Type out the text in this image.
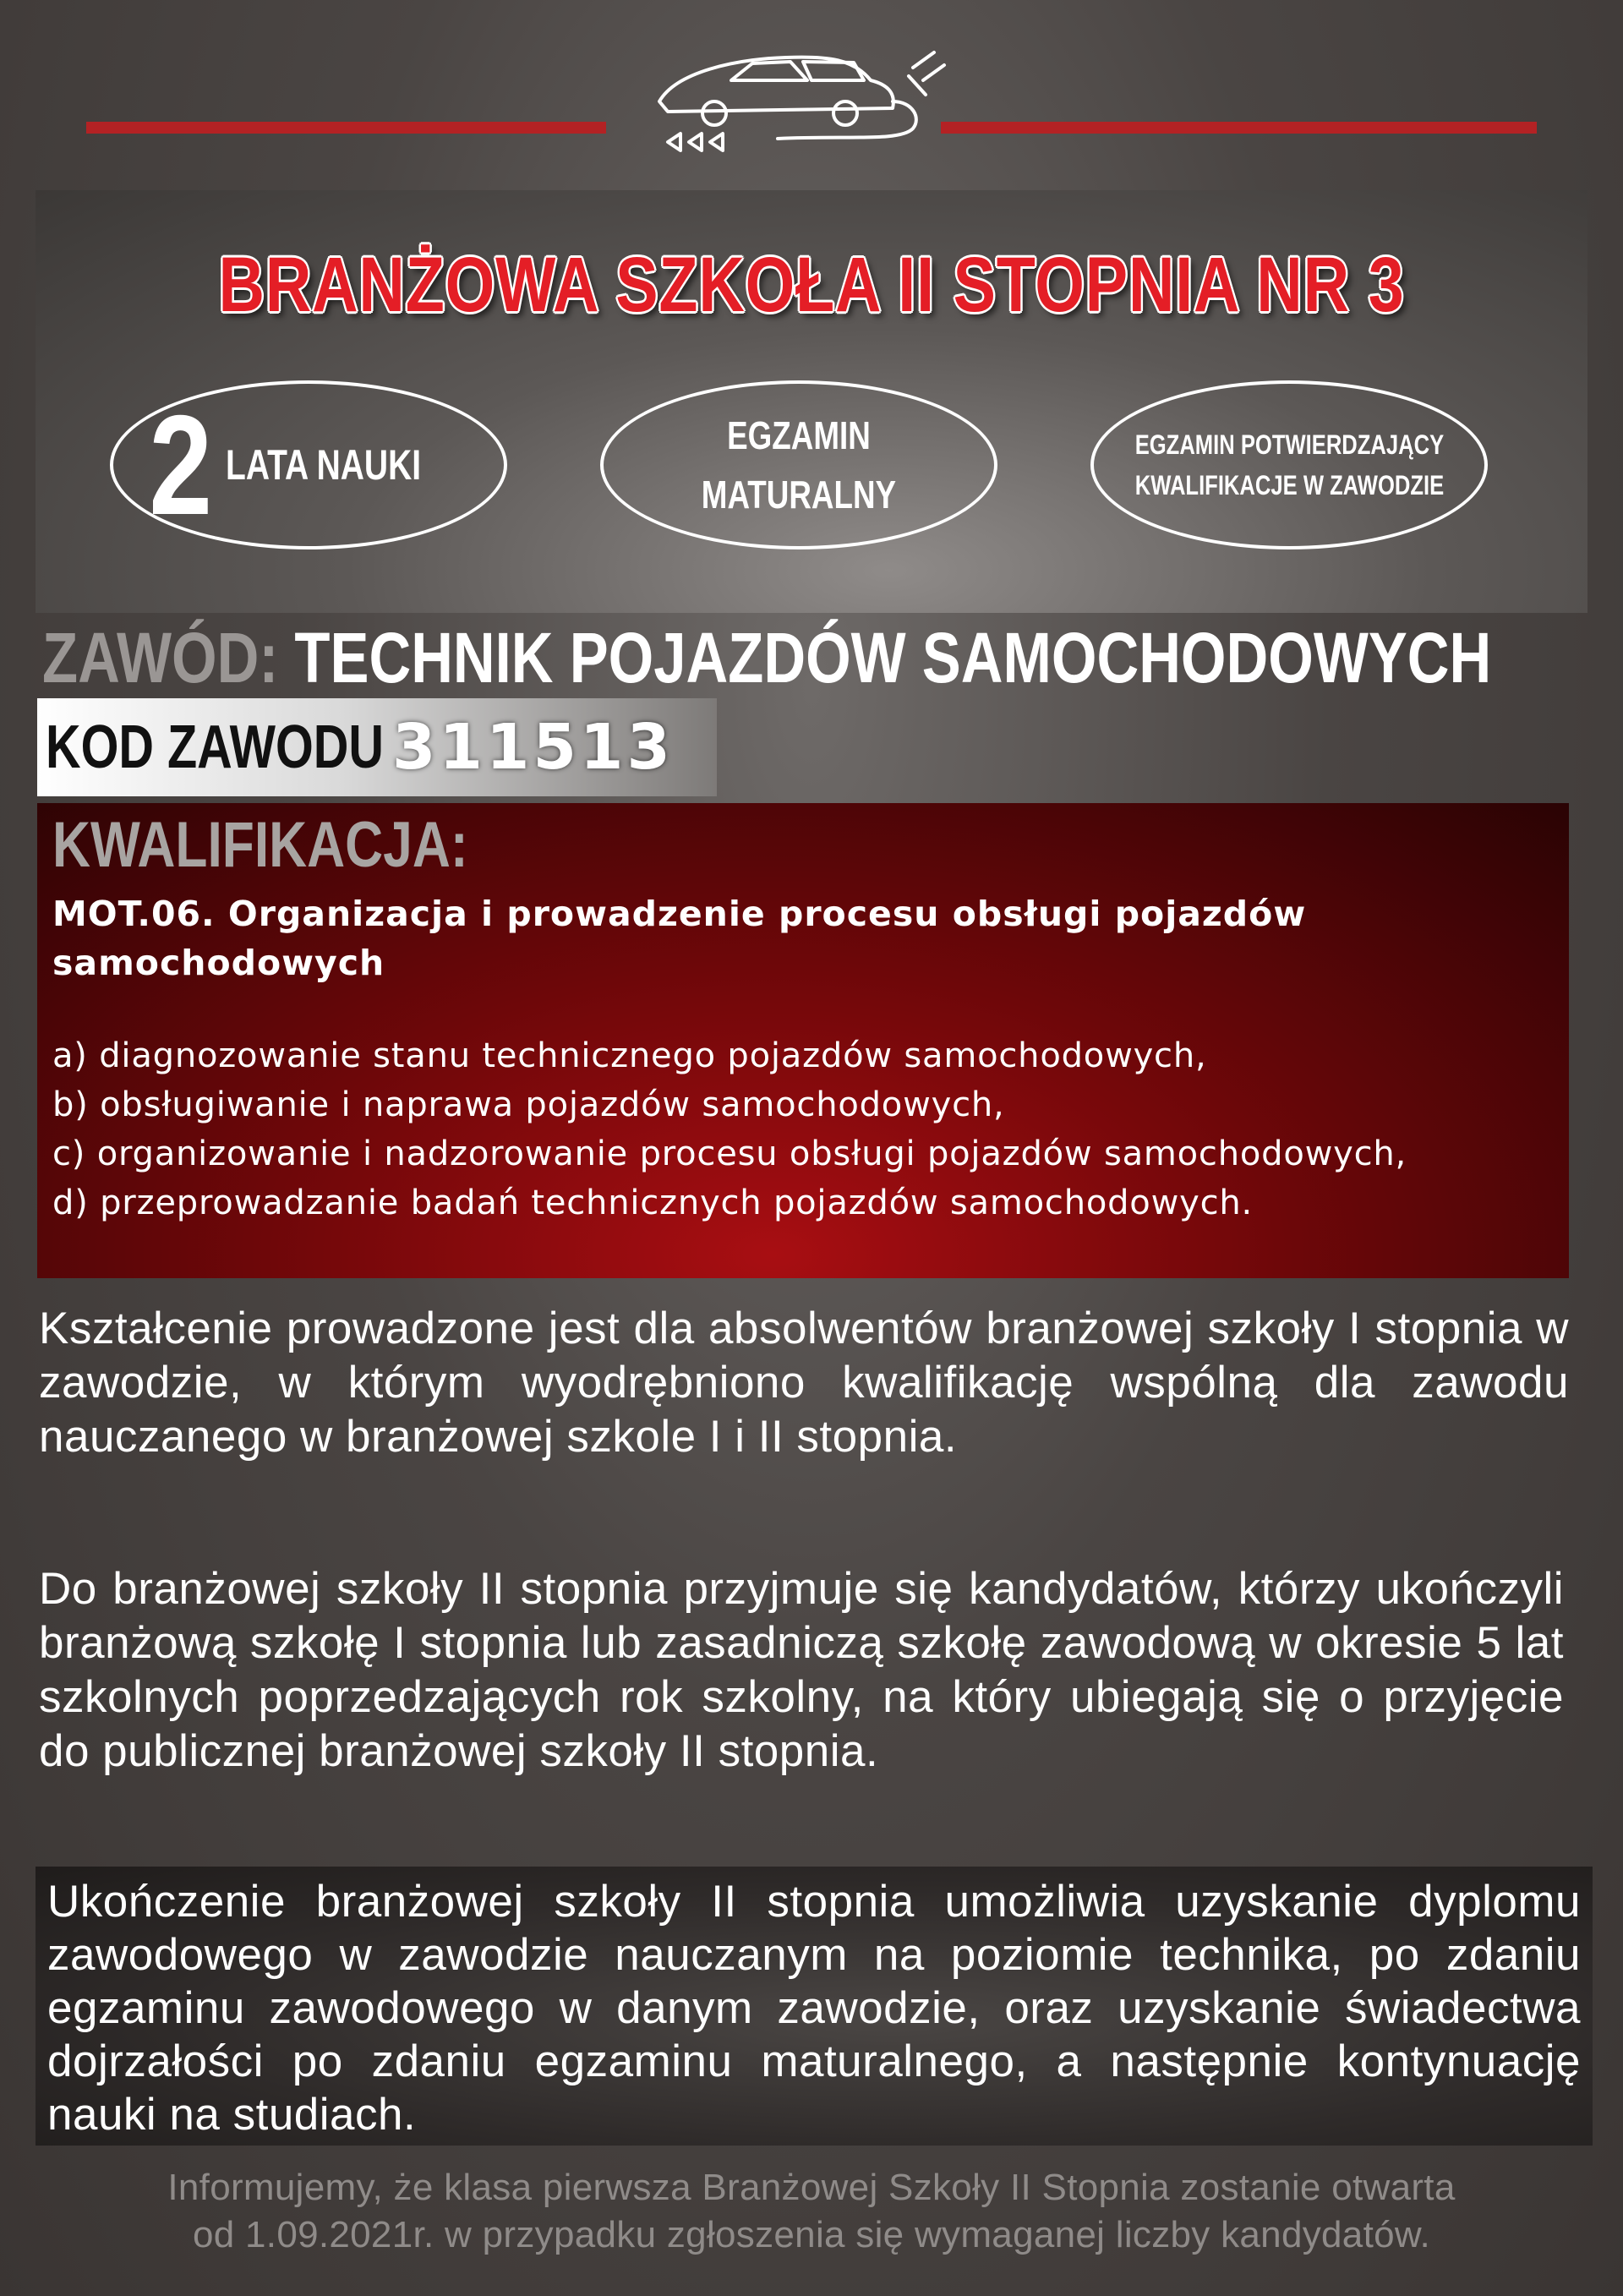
BRANŻOWA SZKOŁA II STOPNIA NR 3
2 LATA NAUKI
EGZAMIN
MATURALNY
EGZAMIN POTWIERDZAJĄCY
KWALIFIKACJE W ZAWODZIE
ZAWÓD: TECHNIK POJAZDÓW SAMOCHODOWYCH
KOD ZAWODU 311513
KWALIFIKACJA:
MOT.06. Organizacja i prowadzenie procesu obsługi pojazdów samochodowych
a) diagnozowanie stanu technicznego pojazdów samochodowych,
b) obsługiwanie i naprawa pojazdów samochodowych,
c) organizowanie i nadzorowanie procesu obsługi pojazdów samochodowych,
d) przeprowadzanie badań technicznych pojazdów samochodowych.
Kształcenie prowadzone jest dla absolwentów branżowej szkoły I stopnia w zawodzie, w którym wyodrębniono kwalifikację wspólną dla zawodu nauczanego w branżowej szkole I i II stopnia.
Do branżowej szkoły II stopnia przyjmuje się kandydatów, którzy ukończyli branżową szkołę I stopnia lub zasadniczą szkołę zawodową w okresie 5 lat szkolnych poprzedzających rok szkolny, na który ubiegają się o przyjęcie do publicznej branżowej szkoły II stopnia.
Ukończenie branżowej szkoły II stopnia umożliwia uzyskanie dyplomu zawodowego w zawodzie nauczanym na poziomie technika, po zdaniu egzaminu zawodowego w danym zawodzie, oraz uzyskanie świadectwa dojrzałości po zdaniu egzaminu maturalnego, a następnie kontynuację nauki na studiach.
Informujemy, że klasa pierwsza Branżowej Szkoły II Stopnia zostanie otwarta
od 1.09.2021r. w przypadku zgłoszenia się wymaganej liczby kandydatów.
